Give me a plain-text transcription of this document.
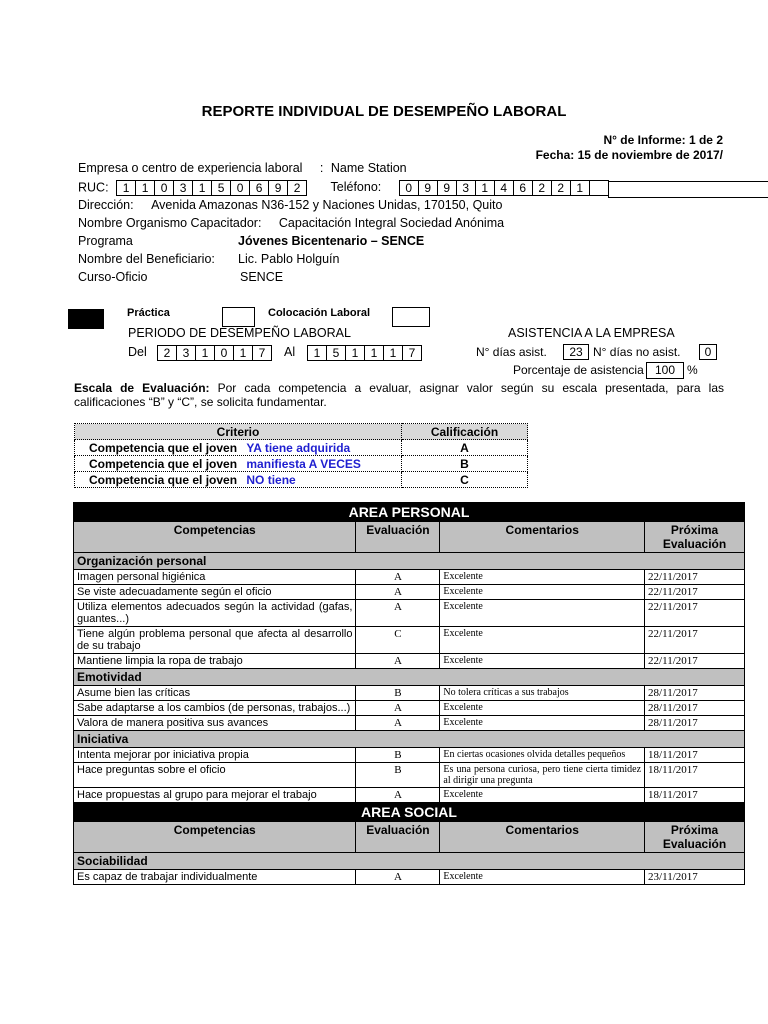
REPORTE INDIVIDUAL DE DESEMPEÑO LABORAL
N° de Informe: 1 de 2
Fecha: 15 de noviembre de 2017/
Empresa o centro de experiencia laboral : Name Station
RUC:	1	1	0	3	1	5	0	6	9	2	Teléfono:	0	9	9	3	1	4	6	2	2	1
Dirección: Avenida Amazonas N36-152 y Naciones Unidas, 170150, Quito
Nombre Organismo Capacitador: Capacitación Integral Sociedad Anónima
Programa	Jóvenes Bicentenario – SENCE
Nombre del Beneficiario: Lic. Pablo Holguín
Curso-Oficio	SENCE
Práctica	Colocación Laboral
PERIODO DE DESEMPEÑO LABORAL	ASISTENCIA A LA EMPRESA
Del	2	3	1	0	1	7	Al	1	5	1	1	1	7	N° días asist.	23 N° días no asist.	0
Porcentaje de asistencia 100 %
Escala de Evaluación: Por cada competencia a evaluar, asignar valor según su escala presentada, para las calificaciones “B” y “C”, se solicita fundamentar.
Criterio	Calificación
Competencia que el joven YA tiene adquirida	A
Competencia que el joven manifiesta A VECES	B
Competencia que el joven NO tiene	C
AREA PERSONAL			
Competencias	Evaluación	Comentarios	Próxima Evaluación
Organización personal			
Imagen personal higiénica	A	Excelente	22/11/2017
Se viste adecuadamente según el oficio	A	Excelente	22/11/2017
Utiliza elementos adecuados según la actividad (gafas, guantes...)	A	Excelente	22/11/2017
Tiene algún problema personal que afecta al desarrollo de su trabajo	C	Excelente	22/11/2017
Mantiene limpia la ropa de trabajo	A	Excelente	22/11/2017
Emotividad			
Asume bien las críticas	B	No tolera críticas a sus trabajos	28/11/2017
Sabe adaptarse a los cambios (de personas, trabajos...)	A	Excelente	28/11/2017
Valora de manera positiva sus avances	A	Excelente	28/11/2017
Iniciativa			
Intenta mejorar por iniciativa propia	B	En ciertas ocasiones olvida detalles pequeños	18/11/2017
Hace preguntas sobre el oficio	B	Es una persona curiosa, pero tiene cierta timidez al dirigir una pregunta	18/11/2017
Hace propuestas al grupo para mejorar el trabajo	A	Excelente	18/11/2017
AREA SOCIAL			
Competencias	Evaluación	Comentarios	Próxima Evaluación
Sociabilidad			
Es capaz de trabajar individualmente	A	Excelente	23/11/2017
